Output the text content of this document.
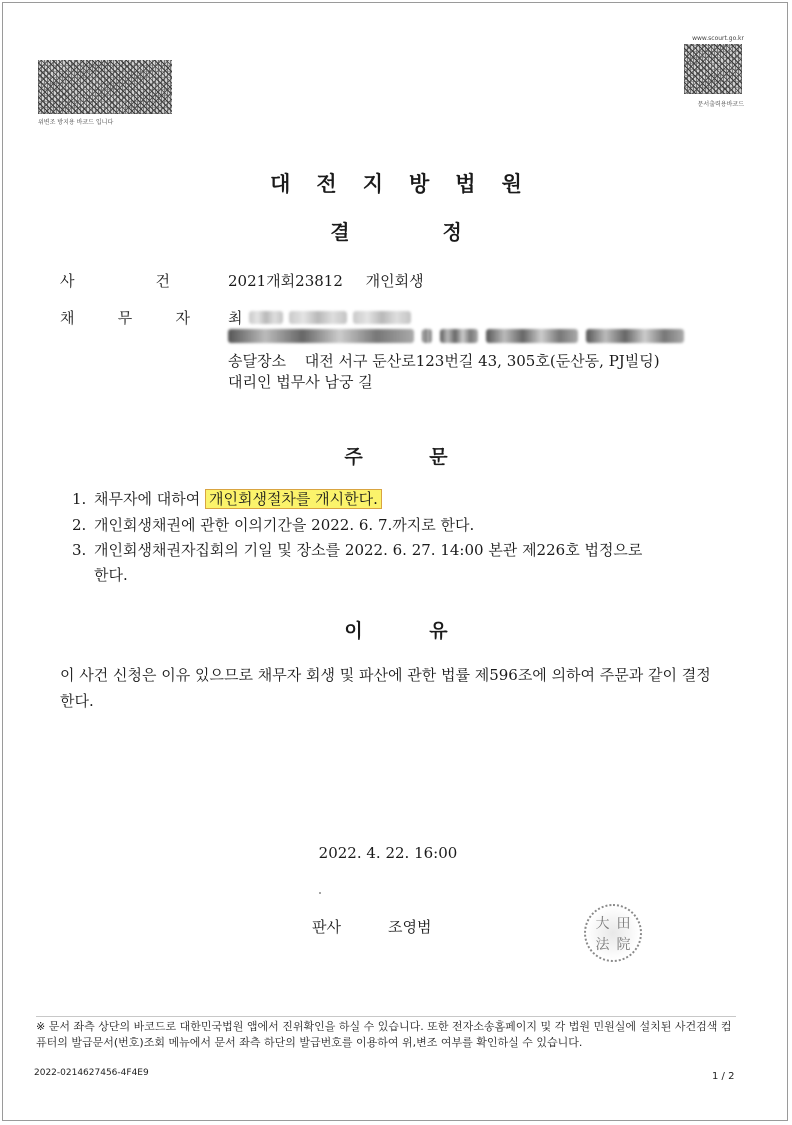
위변조 방지용 바코드 입니다
www.scourt.go.kr
문서출력용바코드
대전지방법원
결 정
사	건	2021개회23812 개인회생
채	무	자	최
송달장소 대전 서구 둔산로123번길 43, 305호(둔산동, PJ빌딩)
대리인 법무사 남궁 길
주 문
1. 채무자에 대하여 개인회생절차를 개시한다.
2. 개인회생채권에 관한 이의기간을 2022. 6. 7.까지로 한다.
3. 개인회생채권자집회의 기일 및 장소를 2022. 6. 27. 14:00 본관 제226호 법정으로
한다.
이 유
이 사건 신청은 이유 있으므로 채무자 회생 및 파산에 관한 법률 제596조에 의하여 주문과 같이 결정한다.
2022. 4. 22. 16:00
판사	조영범	大 田
法 院
※ 문서 좌측 상단의 바코드로 대한민국법원 앱에서 진위확인을 하실 수 있습니다. 또한 전자소송홈페이지 및 각 법원 민원실에 설치된 사건검색 컴퓨터의 발급문서(번호)조회 메뉴에서 문서 좌측 하단의 발급번호를 이용하여 위,변조 여부를 확인하실 수 있습니다.
2022-0214627456-4F4E9	1 / 2
